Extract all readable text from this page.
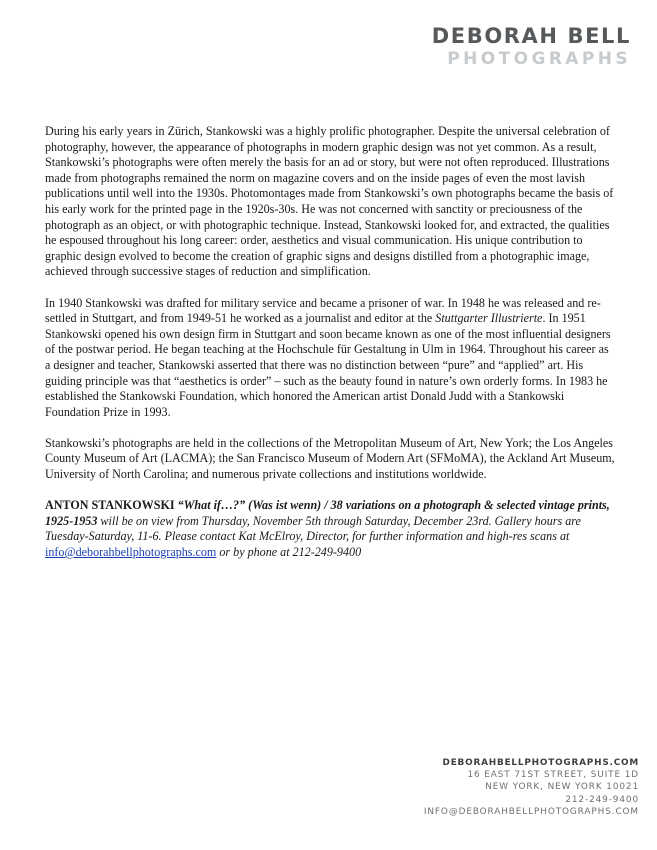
DEBORAH BELL
PHOTOGRAPHS

During his early years in Zürich, Stankowski was a highly prolific photographer. Despite the universal celebration of photography, however, the appearance of photographs in modern graphic design was not yet common. As a result, Stankowski’s photographs were often merely the basis for an ad or story, but were not often reproduced. Illustrations made from photographs remained the norm on magazine covers and on the inside pages of even the most lavish publications until well into the 1930s. Photomontages made from Stankowski’s own photographs became the basis of his early work for the printed page in the 1920s-30s. He was not concerned with sanctity or preciousness of the photograph as an object, or with photographic technique. Instead, Stankowski looked for, and extracted, the qualities he espoused throughout his long career: order, aesthetics and visual communication. His unique contribution to graphic design evolved to become the creation of graphic signs and designs distilled from a photographic image, achieved through successive stages of reduction and simplification.

In 1940 Stankowski was drafted for military service and became a prisoner of war. In 1948 he was released and re-settled in Stuttgart, and from 1949-51 he worked as a journalist and editor at the Stuttgarter Illustrierte. In 1951 Stankowski opened his own design firm in Stuttgart and soon became known as one of the most influential designers of the postwar period. He began teaching at the Hochschule für Gestaltung in Ulm in 1964. Throughout his career as a designer and teacher, Stankowski asserted that there was no distinction between “pure” and “applied” art. His guiding principle was that “aesthetics is order” – such as the beauty found in nature’s own orderly forms. In 1983 he established the Stankowski Foundation, which honored the American artist Donald Judd with a Stankowski Foundation Prize in 1993.

Stankowski’s photographs are held in the collections of the Metropolitan Museum of Art, New York; the Los Angeles County Museum of Art (LACMA); the San Francisco Museum of Modern Art (SFMoMA), the Ackland Art Museum, University of North Carolina; and numerous private collections and institutions worldwide.

ANTON STANKOWSKI “What if…?” (Was ist wenn) / 38 variations on a photograph & selected vintage prints, 1925-1953 will be on view from Thursday, November 5th through Saturday, December 23rd. Gallery hours are Tuesday-Saturday, 11-6. Please contact Kat McElroy, Director, for further information and high-res scans at info@deborahbellphotographs.com or by phone at 212-249-9400

DEBORAHBELLPHOTOGRAPHS.COM
16 EAST 71ST STREET, SUITE 1D
NEW YORK, NEW YORK 10021
212-249-9400
INFO@DEBORAHBELLPHOTOGRAPHS.COM
